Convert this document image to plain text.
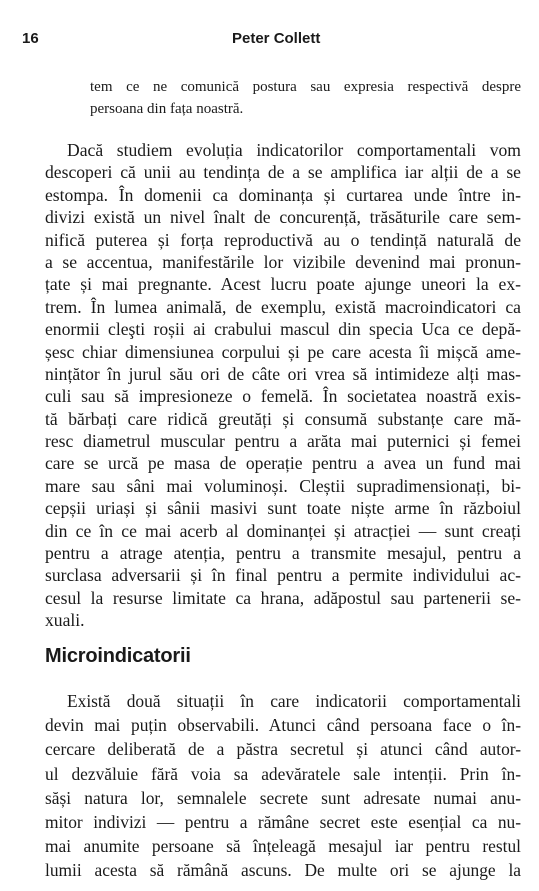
16	Peter Collett
tem ce ne comunică postura sau expresia respectivă despre
persoana din fața noastră.
Dacă studiem evoluția indicatorilor comportamentali vom
descoperi că unii au tendința de a se amplifica iar alții de a se
estompa. În domenii ca dominanța și curtarea unde între in-
divizi există un nivel înalt de concurență, trăsăturile care sem-
nifică puterea și forța reproductivă au o tendință naturală de
a se accentua, manifestările lor vizibile devenind mai pronun-
țate și mai pregnante. Acest lucru poate ajunge uneori la ex-
trem. În lumea animală, de exemplu, există macroindicatori ca
enormii cleşti roșii ai crabului mascul din specia Uca ce depă-
șesc chiar dimensiunea corpului și pe care acesta îi mișcă ame-
nințător în jurul său ori de câte ori vrea să intimideze alți mas-
culi sau să impresioneze o femelă. În societatea noastră exis-
tă bărbați care ridică greutăți și consumă substanțe care mă-
resc diametrul muscular pentru a arăta mai puternici și femei
care se urcă pe masa de operație pentru a avea un fund mai
mare sau sâni mai voluminoși. Cleștii supradimensionați, bi-
cepșii uriași și sânii masivi sunt toate niște arme în războiul
din ce în ce mai acerb al dominanței și atracției — sunt creați
pentru a atrage atenția, pentru a transmite mesajul, pentru a
surclasa adversarii și în final pentru a permite individului ac-
cesul la resurse limitate ca hrana, adăpostul sau partenerii se-
xuali.
Microindicatorii
Există două situații în care indicatorii comportamentali
devin mai puțin observabili. Atunci când persoana face o în-
cercare deliberată de a păstra secretul și atunci când autor-
ul dezvăluie fără voia sa adevăratele sale intenții. Prin în-
săși natura lor, semnalele secrete sunt adresate numai anu-
mitor indivizi — pentru a rămâne secret este esențial ca nu-
mai anumite persoane să înțeleagă mesajul iar pentru restul
lumii acesta să rămână ascuns. De multe ori se ajunge la
